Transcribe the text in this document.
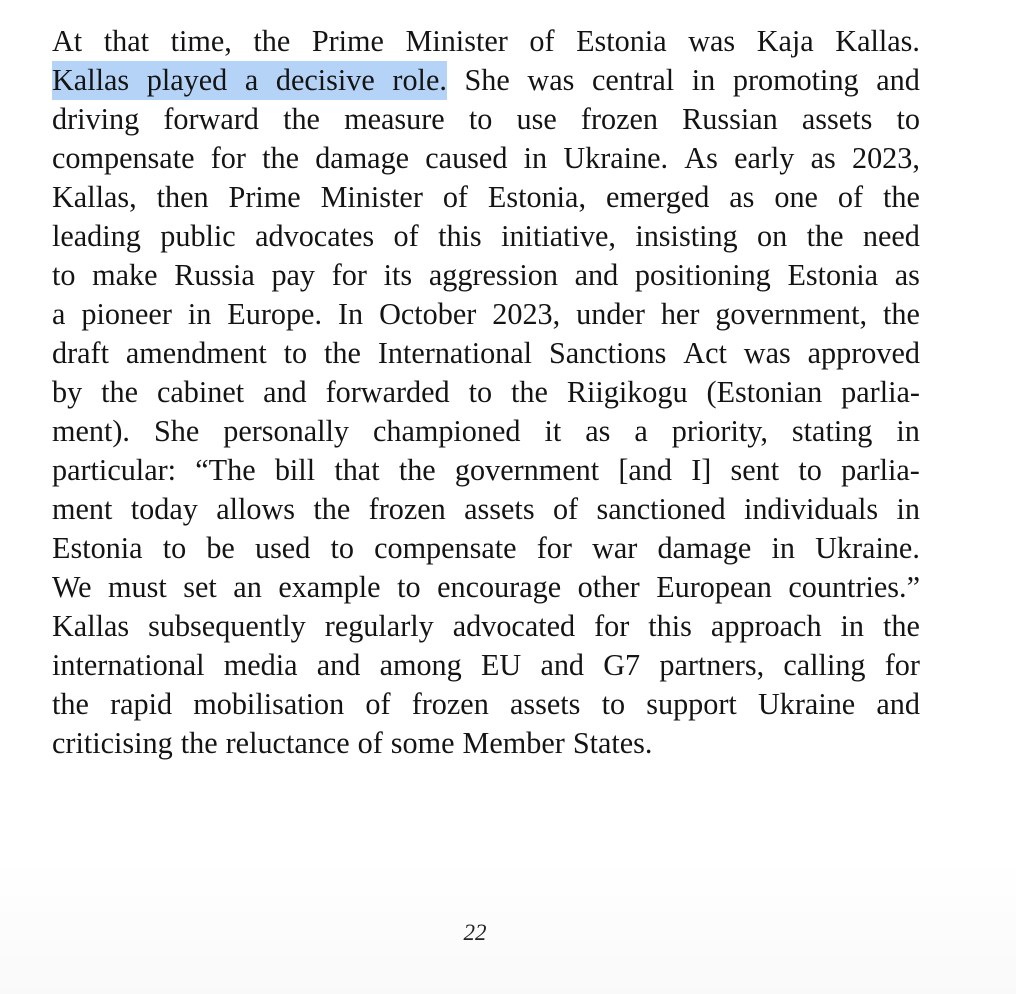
At that time, the Prime Minister of Estonia was Kaja Kallas.
Kallas played a decisive role. She was central in promoting and
driving forward the measure to use frozen Russian assets to
compensate for the damage caused in Ukraine. As early as 2023,
Kallas, then Prime Minister of Estonia, emerged as one of the
leading public advocates of this initiative, insisting on the need
to make Russia pay for its aggression and positioning Estonia as
a pioneer in Europe. In October 2023, under her government, the
draft amendment to the International Sanctions Act was approved
by the cabinet and forwarded to the Riigikogu (Estonian parlia-
ment). She personally championed it as a priority, stating in
particular: “The bill that the government [and I] sent to parlia-
ment today allows the frozen assets of sanctioned individuals in
Estonia to be used to compensate for war damage in Ukraine.
We must set an example to encourage other European countries.”
Kallas subsequently regularly advocated for this approach in the
international media and among EU and G7 partners, calling for
the rapid mobilisation of frozen assets to support Ukraine and
criticising the reluctance of some Member States.
22
